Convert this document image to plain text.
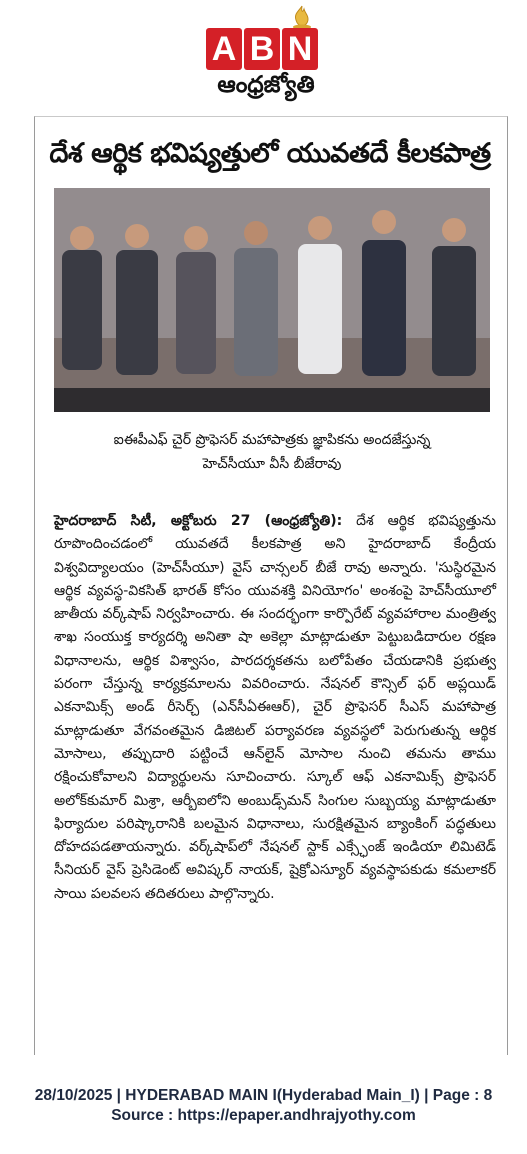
A B N
ఆంధ్రజ్యోతి
దేశ ఆర్థిక భవిష్యత్తులో యువతదే కీలకపాత్ర
ఐఈపీఎఫ్ చైర్ ప్రొఫెసర్ మహాపాత్రకు జ్ఞాపికను అందజేస్తున్న
హెచ్‌సీయూ వీసీ బీజేరావు

హైదరాబాద్ సిటీ, అక్టోబరు 27 (ఆంధ్రజ్యోతి): దేశ ఆర్థిక భవిష్యత్తును రూపొందించడంలో యువతదే కీలకపాత్ర అని హైదరాబాద్ కేంద్రీయ విశ్వవిద్యాలయం (హెచ్‌సీయూ) వైస్ చాన్సలర్ బీజే రావు అన్నారు. 'సుస్థిరమైన ఆర్థిక వ్యవస్థ-వికసిత్ భారత్ కోసం యువశక్తి వినియోగం' అంశంపై హెచ్‌సీయూలో జాతీయ వర్క్‌షాప్ నిర్వహించారు. ఈ సందర్భంగా కార్పొరేట్ వ్యవహారాల మంత్రిత్వ శాఖ సంయుక్త కార్యదర్శి అనితా షా అకెల్లా మాట్లాడుతూ పెట్టుబడిదారుల రక్షణ విధానాలను, ఆర్థిక విశ్వాసం, పారదర్శకతను బలోపేతం చేయడానికి ప్రభుత్వ పరంగా చేస్తున్న కార్యక్రమాలను వివరించారు. నేషనల్ కౌన్సిల్ ఫర్ అప్లయిడ్ ఎకనామిక్స్ అండ్ రీసెర్చ్ (ఎన్‌సీఏఈఆర్), చైర్ ప్రొఫెసర్ సీఎస్ మహాపాత్ర మాట్లాడుతూ వేగవంతమైన డిజిటల్ పర్యావరణ వ్యవస్థలో పెరుగుతున్న ఆర్థిక మోసాలు, తప్పుదారి పట్టించే ఆన్‌లైన్ మోసాల నుంచి తమను తాము రక్షించుకోవాలని విద్యార్థులను సూచించారు. స్కూల్ ఆఫ్ ఎకనామిక్స్ ప్రొఫెసర్ అలోక్‌కుమార్ మిశ్రా, ఆర్బీఐలోని అంబుడ్స్‌మన్ సింగుల సుబ్బయ్య మాట్లాడుతూ ఫిర్యాదుల పరిష్కారానికి బలమైన విధానాలు, సురక్షితమైన బ్యాంకింగ్ పద్ధతులు దోహదపడతాయన్నారు. వర్క్‌షాప్‌లో నేషనల్ స్టాక్ ఎక్స్ఛేంజ్ ఇండియా లిమిటెడ్ సీనియర్ వైస్ ప్రెసిడెంట్ అవిష్కర్ నాయక్, షైక్రోఎస్యూర్ వ్యవస్థాపకుడు కమలాకర్ సాయి పలవలస తదితరులు పాల్గొన్నారు.

28/10/2025 | HYDERABAD MAIN I(Hyderabad Main_I) | Page : 8
Source : https://epaper.andhrajyothy.com
